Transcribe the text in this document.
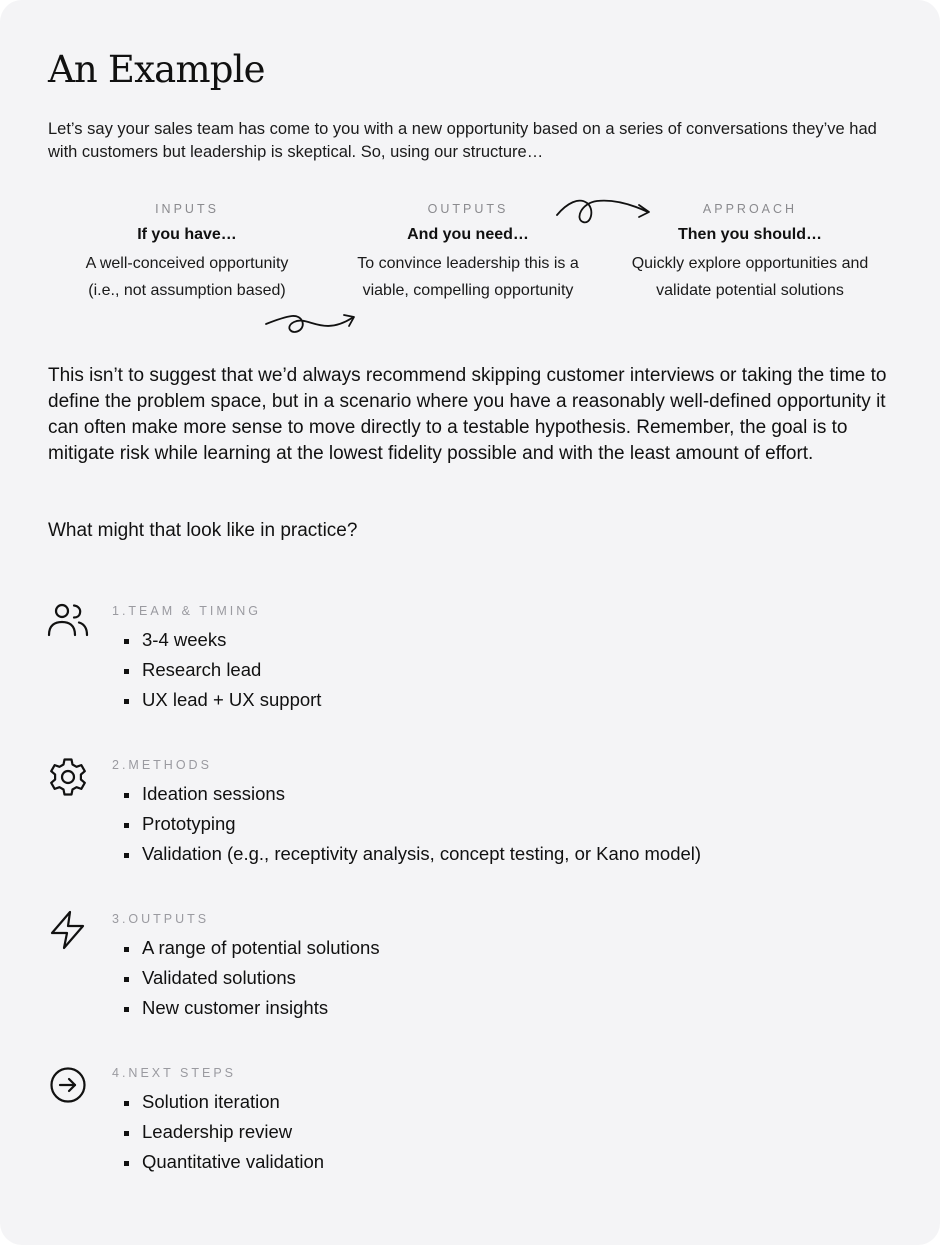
An Example

Let’s say your sales team has come to you with a new opportunity based on a series of conversations they’ve had with customers but leadership is skeptical. So, using our structure…

INPUTS
If you have…
A well-conceived opportunity
(i.e., not assumption based)
OUTPUTS
And you need…
To convince leadership this is a
viable, compelling opportunity
APPROACH
Then you should…
Quickly explore opportunities and
validate potential solutions

This isn’t to suggest that we’d always recommend skipping customer interviews or taking the time to define the problem space, but in a scenario where you have a reasonably well-defined opportunity it can often make more sense to move directly to a testable hypothesis. Remember, the goal is to mitigate risk while learning at the lowest fidelity possible and with the least amount of effort.

What might that look like in practice?

1.TEAM & TIMING
3-4 weeks
Research lead
UX lead + UX support
2.METHODS
Ideation sessions
Prototyping
Validation (e.g., receptivity analysis, concept testing, or Kano model)
3.OUTPUTS
A range of potential solutions
Validated solutions
New customer insights
4.NEXT STEPS
Solution iteration
Leadership review
Quantitative validation
